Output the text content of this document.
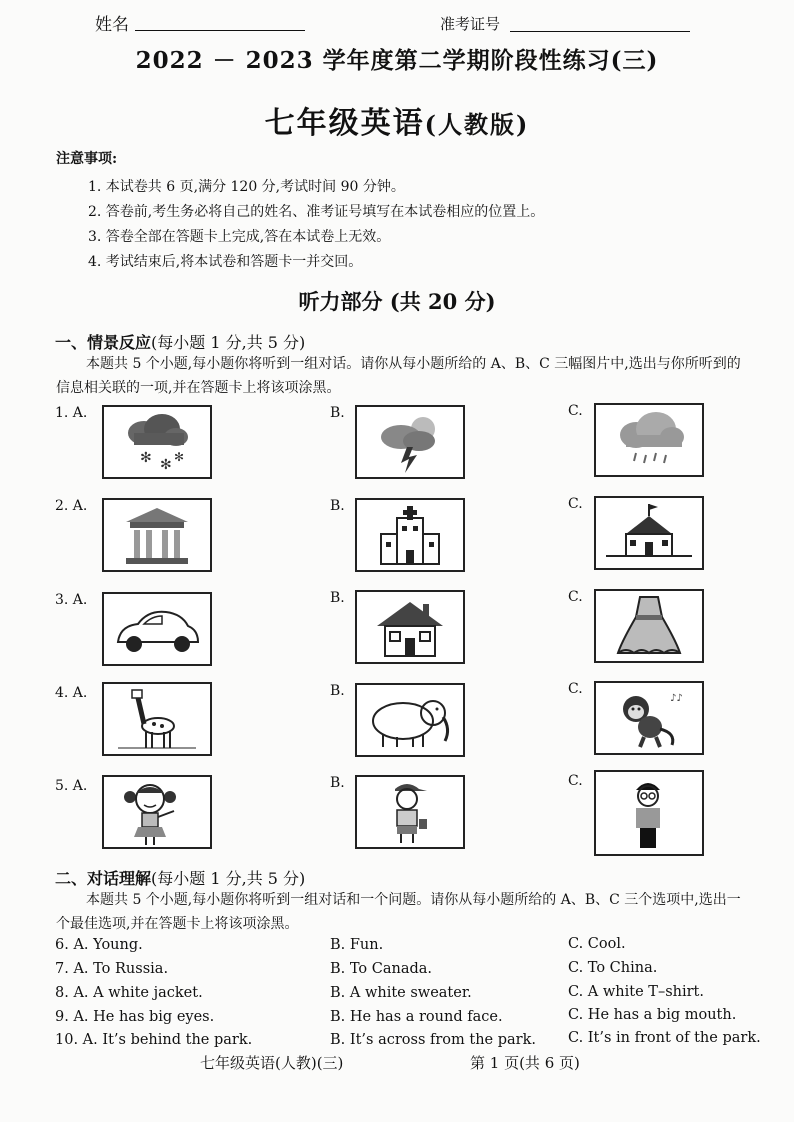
姓名	准考证号
2022 － 2023 学年度第二学期阶段性练习(三)
七年级英语(人教版)
注意事项:
1. 本试卷共 6 页,满分 120 分,考试时间 90 分钟。
2. 答卷前,考生务必将自己的姓名、准考证号填写在本试卷相应的位置上。
3. 答卷全部在答题卡上完成,答在本试卷上无效。
4. 考试结束后,将本试卷和答题卡一并交回。
听力部分 (共 20 分)
一、情景反应(每小题 1 分,共 5 分)
本题共 5 个小题,每小题你将听到一组对话。请你从每小题所给的 A、B、C 三幅图片中,选出与你所听到的信息相关联的一项,并在答题卡上将该项涂黑。
1. A.
✻ ✻ ✻
B.	C.
2. A.	B.	C.
3. A.	B.	C.
4. A.	B.	C.
♪♪
5. A.	B.	C.
二、对话理解(每小题 1 分,共 5 分)
本题共 5 个小题,每小题你将听到一组对话和一个问题。请你从每小题所给的 A、B、C 三个选项中,选出一个最佳选项,并在答题卡上将该项涂黑。
6. A. Young.	B. Fun.	C. Cool.
7. A. To Russia.	B. To Canada.	C. To China.
8. A. A white jacket.	B. A white sweater.	C. A white T–shirt.
9. A. He has big eyes.	B. He has a round face.	C. He has a big mouth.
10. A. It’s behind the park.	B. It’s across from the park. C. It’s in front of the park.
七年级英语(人教)(三)	第 1 页(共 6 页)
